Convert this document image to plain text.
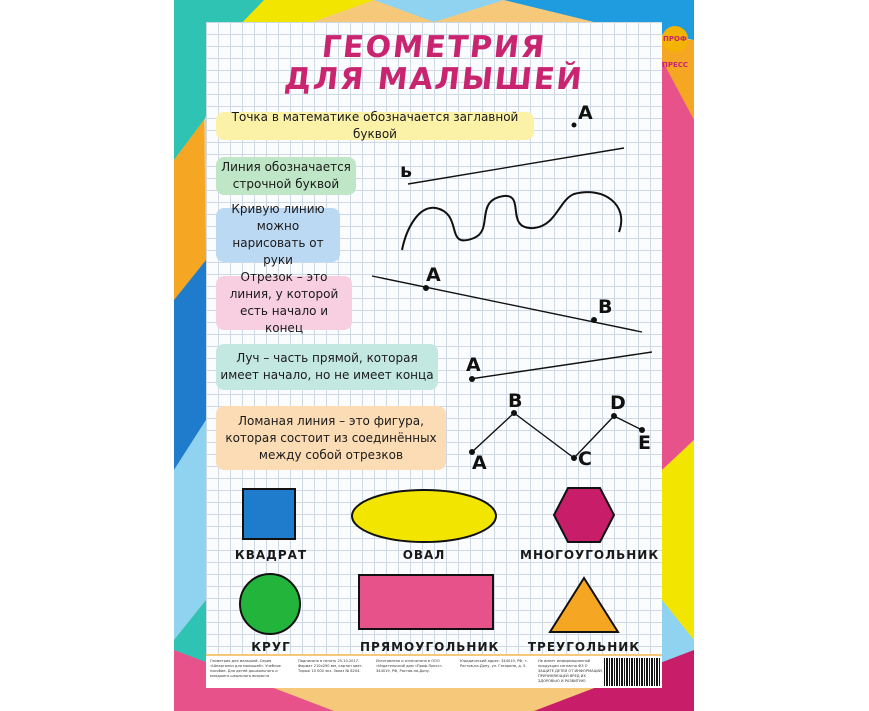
ГЕОМЕТРИЯ
ДЛЯ МАЛЫШЕЙ
ПРОФ ПРЕСС
Точка в математике обозначается заглавной буквой
Линия обозначается строчной буквой
Кривую линию можно нарисовать от руки
Отрезок – это линия, у которой есть начало и конец
Луч – часть прямой, которая имеет начало, но не имеет конца
Ломаная линия – это фигура, которая состоит из соединённых между собой отрезков
A
ь
A
B
A
A
B
C
D
E
КВАДРАТ	ОВАЛ	МНОГОУГОЛЬНИК
КРУГ	ПРЯМОУГОЛЬНИК ТРЕУГОЛЬНИК
Геометрия для малышей. Серия «Шпаргалки для малышей». Учебное пособие. Для детей дошкольного и младшего школьного возраста
Подписано в печать 25.10.2017. Формат 210x290 мм, картон цвет. Тираж 10 000 экз. Заказ № 8204.
Изготовлено и отпечатано в ООО «Издательский дом «Проф-Пресс». 344019, РФ, Ростов-на-Дону.
Юридический адрес: 344019, РФ, г. Ростов-на-Дону, ул. Гагарина, д. 5.
Не имеет информационной продукции согласно ФЗ О ЗАЩИТЕ ДЕТЕЙ ОТ ИНФОРМАЦИИ, ПРИЧИНЯЮЩЕЙ ВРЕД ИХ ЗДОРОВЬЮ И РАЗВИТИЮ
